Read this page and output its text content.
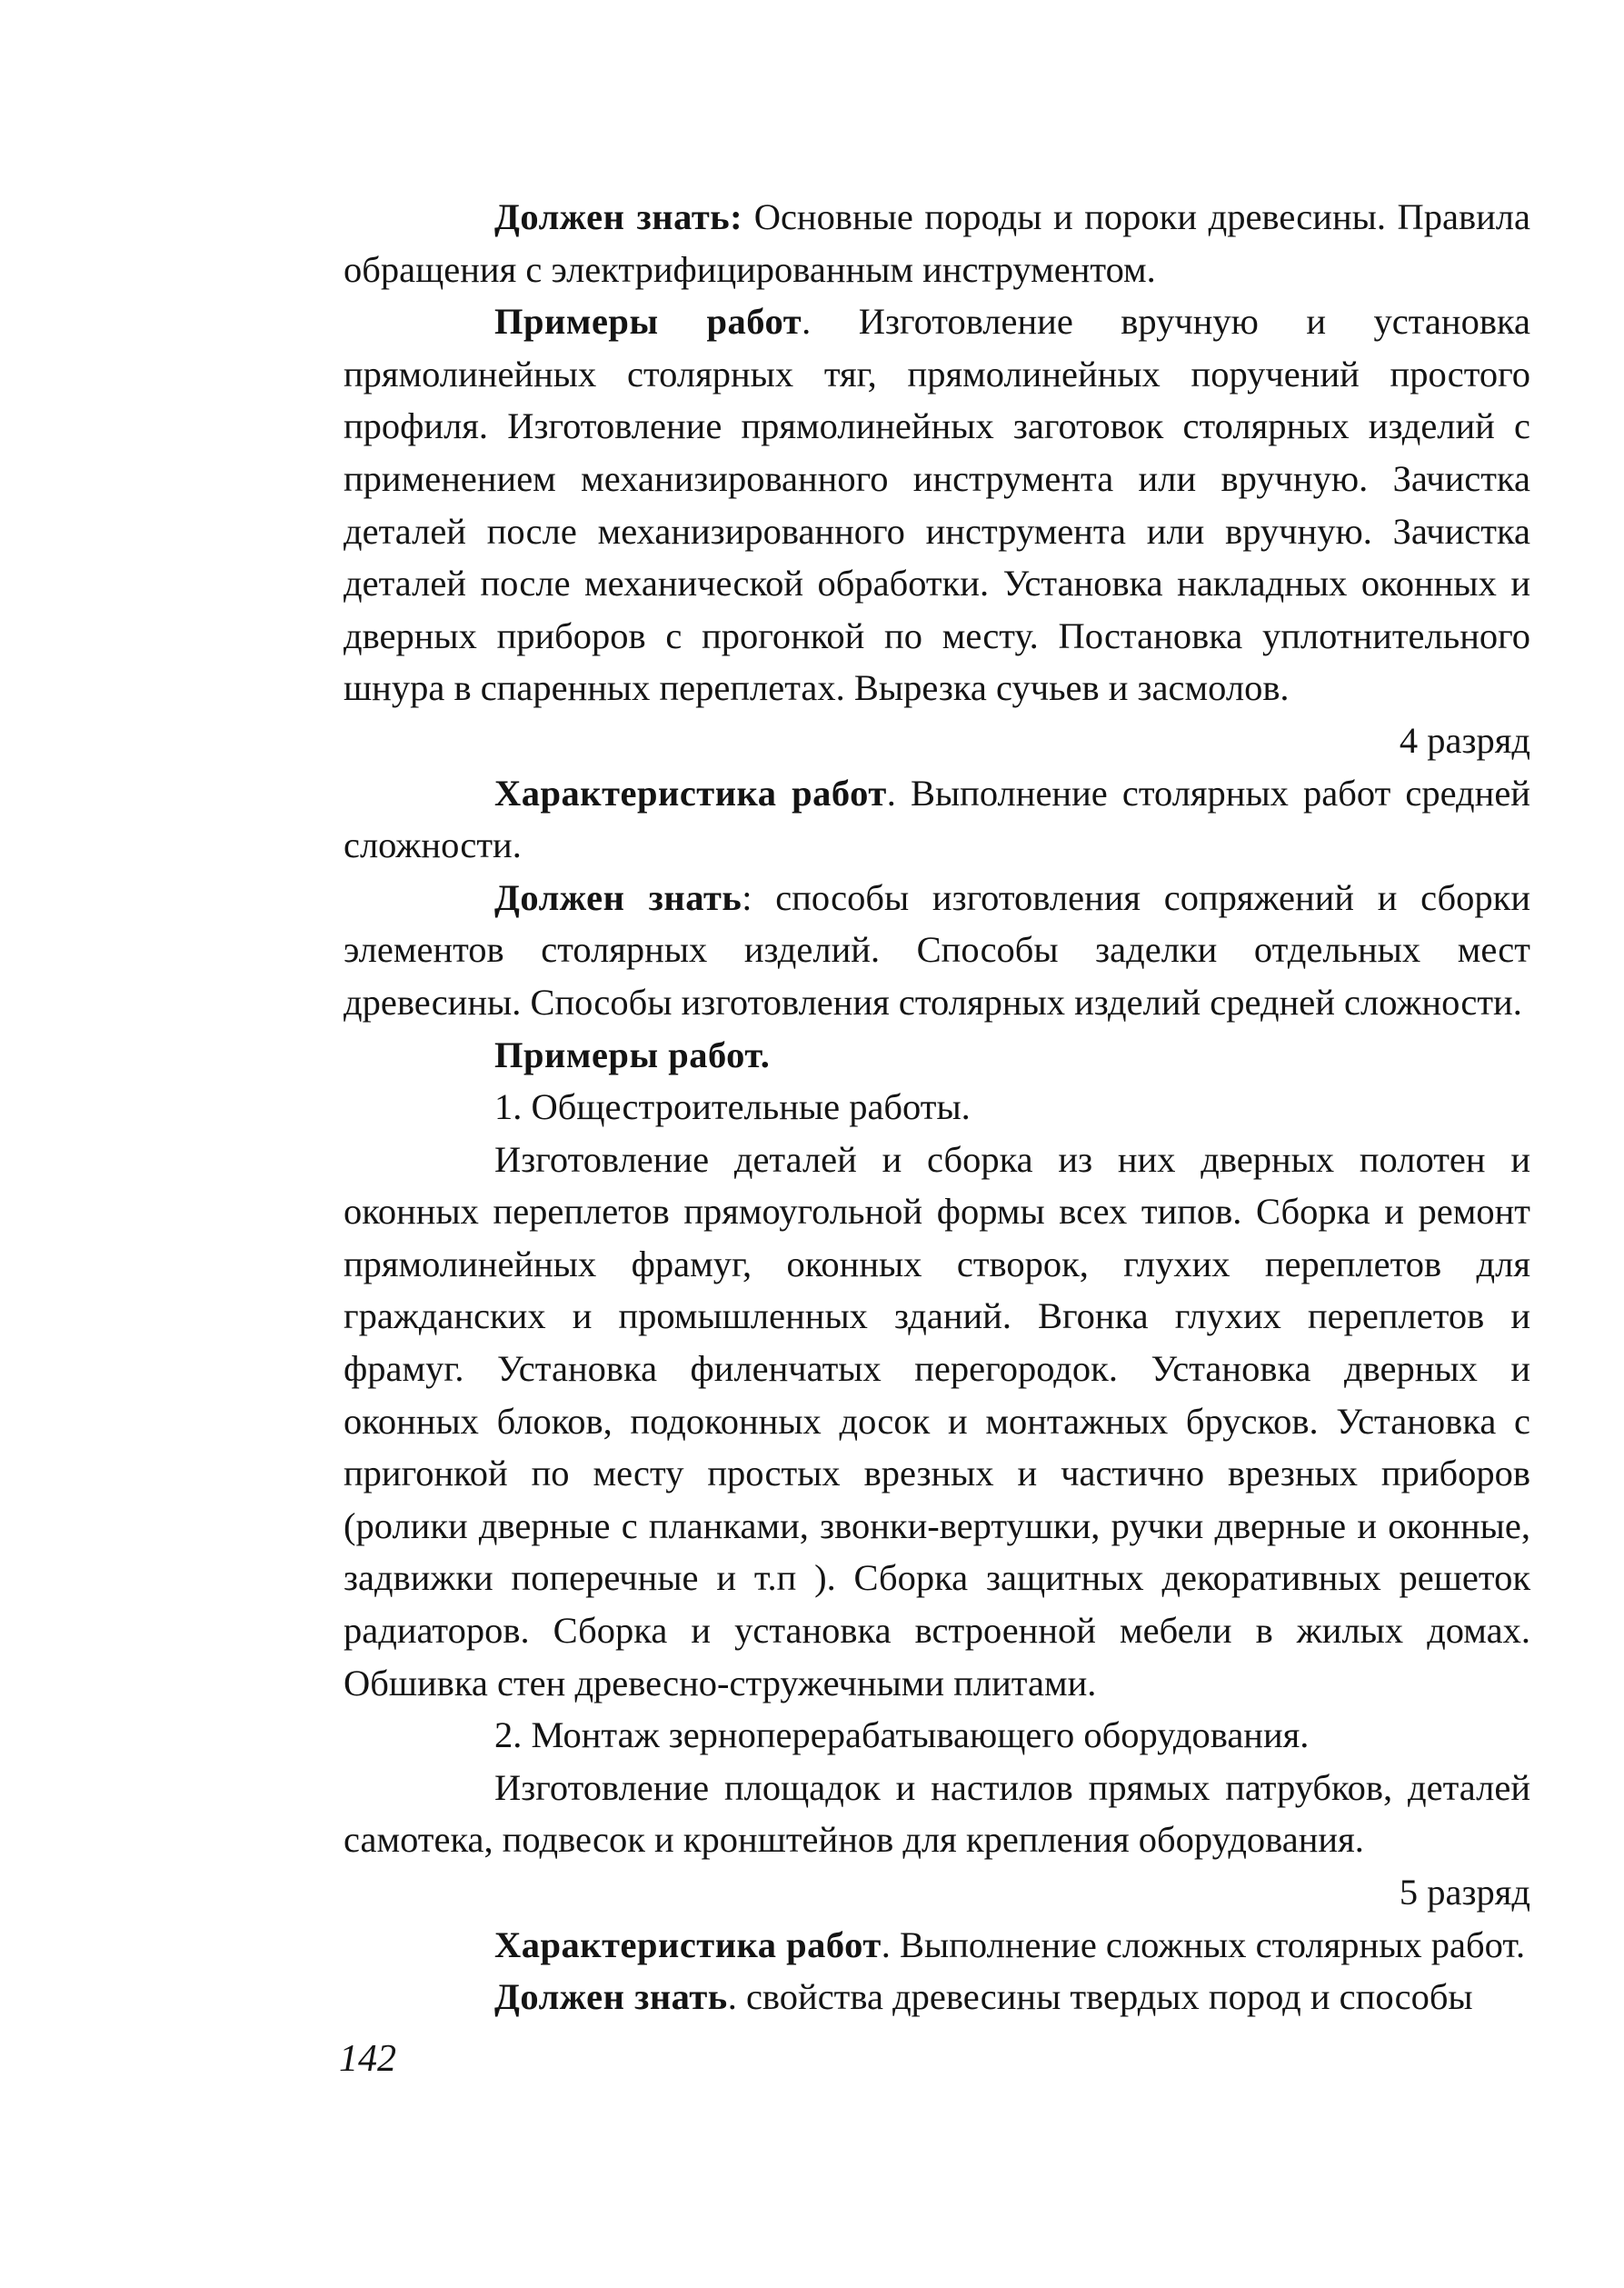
Должен знать: Основные породы и пороки древесины. Правила обращения с электрифицированным инструментом.

Примеры работ. Изготовление вручную и установка прямолинейных столярных тяг, прямолинейных поручений простого профиля. Изготовление прямолинейных заготовок столярных изделий с применением механизированного инструмента или вручную. Зачистка деталей после механизированного инструмента или вручную. Зачистка деталей после механической обработки. Установка накладных оконных и дверных приборов с прогонкой по месту. Постановка уплотнительного шнура в спаренных переплетах. Вырезка сучьев и засмолов.

4 разряд

Характеристика работ. Выполнение столярных работ средней сложности.

Должен знать: способы изготовления сопряжений и сборки элементов столярных изделий. Способы заделки отдельных мест древесины. Способы изготовления столярных изделий средней сложности.

Примеры работ.

1. Общестроительные работы.

Изготовление деталей и сборка из них дверных полотен и оконных переплетов прямоугольной формы всех типов. Сборка и ремонт прямолинейных фрамуг, оконных створок, глухих переплетов для гражданских и промышленных зданий. Вгонка глухих переплетов и фрамуг. Установка филенчатых перегородок. Установка дверных и оконных блоков, подоконных досок и монтажных брусков. Установка с пригонкой по месту простых врезных и частично врезных приборов (ролики дверные с планками, звонки-вертушки, ручки дверные и оконные, задвижки поперечные и т.п ). Сборка защитных декоративных решеток радиаторов. Сборка и установка встроенной мебели в жилых домах. Обшивка стен древесно-стружечными плитами.

2. Монтаж зерноперерабатывающего оборудования.

Изготовление площадок и настилов прямых патрубков, деталей самотека, подвесок и кронштейнов для крепления оборудования.

5 разряд

Характеристика работ. Выполнение сложных столярных работ.

Должен знать. свойства древесины твердых пород и способы

142
